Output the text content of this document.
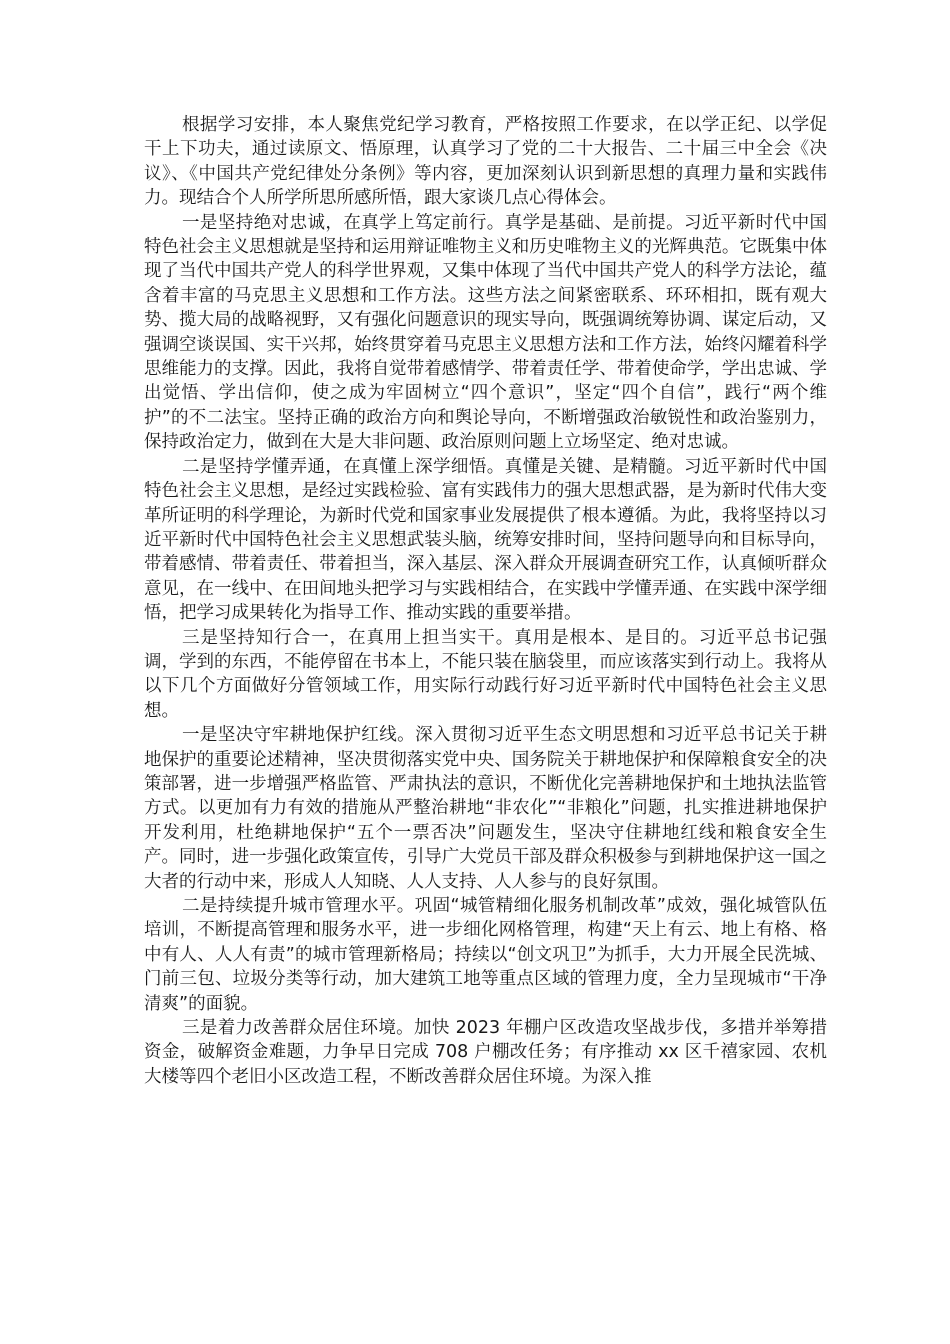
根据学习安排，本人聚焦党纪学习教育，严格按照工作要求，在以学正纪、以学促干上下功夫，通过读原文、悟原理，认真学习了党的二十大报告、二十届三中全会《决议》、《中国共产党纪律处分条例》等内容，更加深刻认识到新思想的真理力量和实践伟力。现结合个人所学所思所感所悟，跟大家谈几点心得体会。

一是坚持绝对忠诚，在真学上笃定前行。真学是基础、是前提。习近平新时代中国特色社会主义思想就是坚持和运用辩证唯物主义和历史唯物主义的光辉典范。它既集中体现了当代中国共产党人的科学世界观，又集中体现了当代中国共产党人的科学方法论，蕴含着丰富的马克思主义思想和工作方法。这些方法之间紧密联系、环环相扣，既有观大势、揽大局的战略视野，又有强化问题意识的现实导向，既强调统筹协调、谋定后动，又强调空谈误国、实干兴邦，始终贯穿着马克思主义思想方法和工作方法，始终闪耀着科学思维能力的支撑。因此，我将自觉带着感情学、带着责任学、带着使命学，学出忠诚、学出觉悟、学出信仰，使之成为牢固树立“四个意识”，坚定“四个自信”，践行“两个维护”的不二法宝。坚持正确的政治方向和舆论导向，不断增强政治敏锐性和政治鉴别力，保持政治定力，做到在大是大非问题、政治原则问题上立场坚定、绝对忠诚。

二是坚持学懂弄通，在真懂上深学细悟。真懂是关键、是精髓。习近平新时代中国特色社会主义思想，是经过实践检验、富有实践伟力的强大思想武器，是为新时代伟大变革所证明的科学理论，为新时代党和国家事业发展提供了根本遵循。为此，我将坚持以习近平新时代中国特色社会主义思想武装头脑，统筹安排时间，坚持问题导向和目标导向，带着感情、带着责任、带着担当，深入基层、深入群众开展调查研究工作，认真倾听群众意见，在一线中、在田间地头把学习与实践相结合，在实践中学懂弄通、在实践中深学细悟，把学习成果转化为指导工作、推动实践的重要举措。

三是坚持知行合一，在真用上担当实干。真用是根本、是目的。习近平总书记强调，学到的东西，不能停留在书本上，不能只装在脑袋里，而应该落实到行动上。我将从以下几个方面做好分管领域工作，用实际行动践行好习近平新时代中国特色社会主义思想。

一是坚决守牢耕地保护红线。深入贯彻习近平生态文明思想和习近平总书记关于耕地保护的重要论述精神，坚决贯彻落实党中央、国务院关于耕地保护和保障粮食安全的决策部署，进一步增强严格监管、严肃执法的意识，不断优化完善耕地保护和土地执法监管方式。以更加有力有效的措施从严整治耕地“非农化”“非粮化”问题，扎实推进耕地保护开发利用，杜绝耕地保护“五个一票否决”问题发生，坚决守住耕地红线和粮食安全生产。同时，进一步强化政策宣传，引导广大党员干部及群众积极参与到耕地保护这一国之大者的行动中来，形成人人知晓、人人支持、人人参与的良好氛围。

二是持续提升城市管理水平。巩固“城管精细化服务机制改革”成效，强化城管队伍培训，不断提高管理和服务水平，进一步细化网格管理，构建“天上有云、地上有格、格中有人、人人有责”的城市管理新格局；持续以“创文巩卫”为抓手，大力开展全民洗城、门前三包、垃圾分类等行动，加大建筑工地等重点区域的管理力度，全力呈现城市“干净清爽”的面貌。

三是着力改善群众居住环境。加快 2023 年棚户区改造攻坚战步伐，多措并举筹措资金，破解资金难题，力争早日完成 708 户棚改任务；有序推动 xx 区千禧家园、农机大楼等四个老旧小区改造工程，不断改善群众居住环境。为深入推
